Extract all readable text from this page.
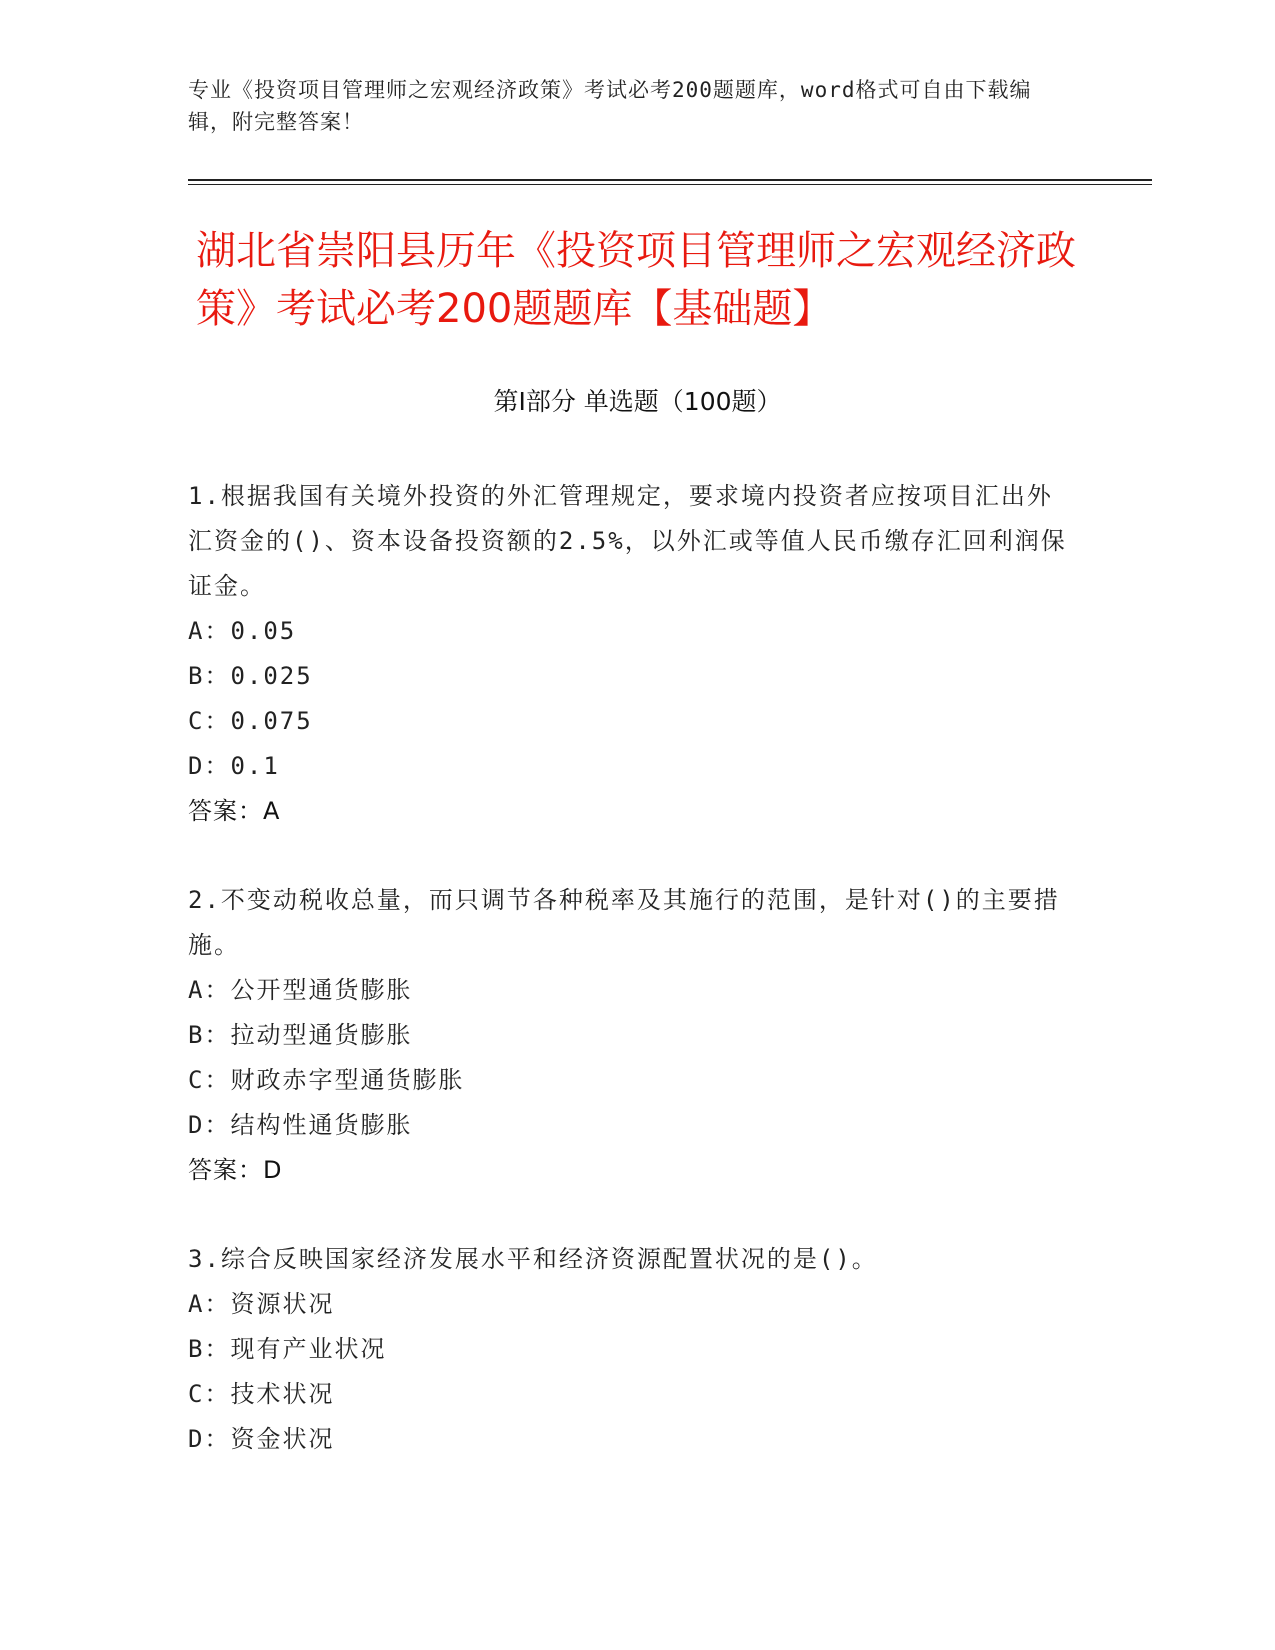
专业《投资项目管理师之宏观经济政策》考试必考200题题库，word格式可自由下载编辑，附完整答案！
湖北省崇阳县历年《投资项目管理师之宏观经济政策》考试必考200题题库【基础题】
第Ⅰ部分 单选题（100题）
1.根据我国有关境外投资的外汇管理规定，要求境内投资者应按项目汇出外汇资金的()、资本设备投资额的2.5%，以外汇或等值人民币缴存汇回利润保证金。
A：0.05
B：0.025
C：0.075
D：0.1
答案：A
2.不变动税收总量，而只调节各种税率及其施行的范围，是针对()的主要措施。
A：公开型通货膨胀
B：拉动型通货膨胀
C：财政赤字型通货膨胀
D：结构性通货膨胀
答案：D
3.综合反映国家经济发展水平和经济资源配置状况的是()。
A：资源状况
B：现有产业状况
C：技术状况
D：资金状况
